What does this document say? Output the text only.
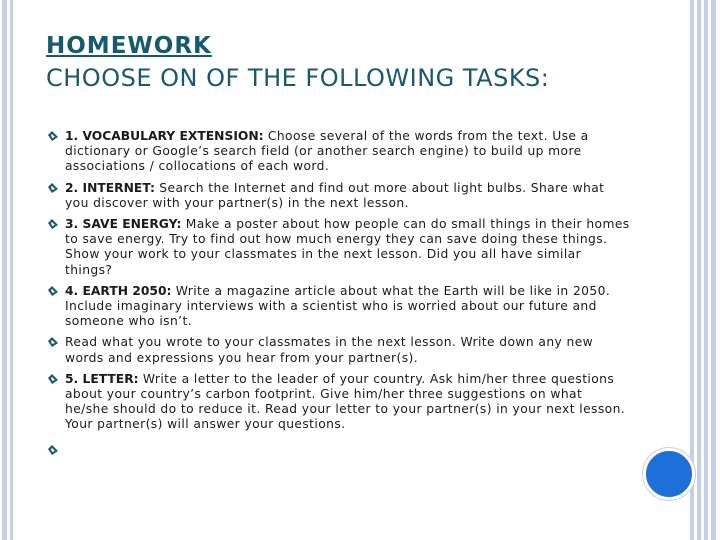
HOMEWORK
CHOOSE ON OF THE FOLLOWING TASKS:
1. VOCABULARY EXTENSION: Choose several of the words from the text. Use a dictionary or Google’s search field (or another search engine) to build up more associations / collocations of each word.
2. INTERNET: Search the Internet and find out more about light bulbs. Share what you discover with your partner(s) in the next lesson.
3. SAVE ENERGY: Make a poster about how people can do small things in their homes to save energy. Try to find out how much energy they can save doing these things. Show your work to your classmates in the next lesson. Did you all have similar things?
4. EARTH 2050: Write a magazine article about what the Earth will be like in 2050. Include imaginary interviews with a scientist who is worried about our future and someone who isn’t.
Read what you wrote to your classmates in the next lesson. Write down any new words and expressions you hear from your partner(s).
5. LETTER: Write a letter to the leader of your country. Ask him/her three questions about your country’s carbon footprint. Give him/her three suggestions on what he/she should do to reduce it. Read your letter to your partner(s) in your next lesson. Your partner(s) will answer your questions.
